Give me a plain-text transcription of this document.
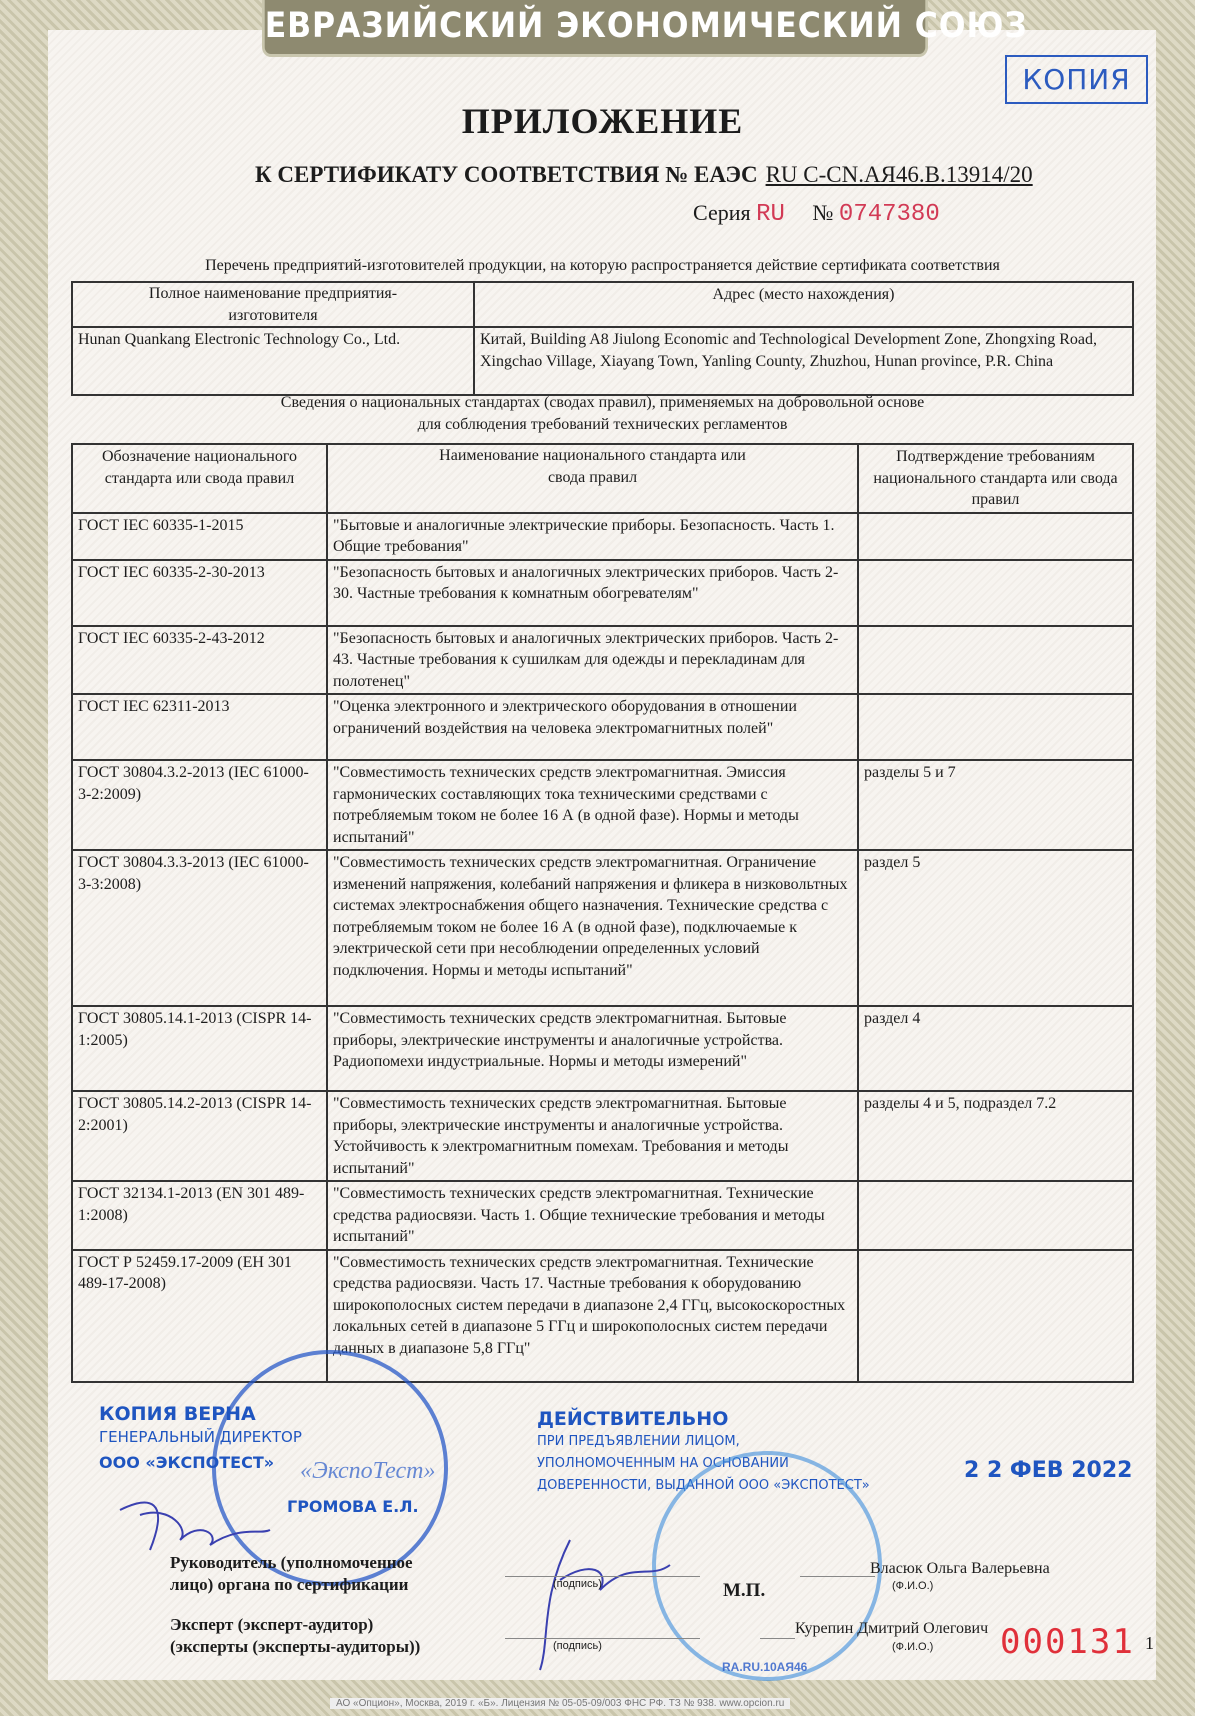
ЕВРАЗИЙСКИЙ ЭКОНОМИЧЕСКИЙ СОЮЗ
КОПИЯ
ПРИЛОЖЕНИЕ
К СЕРТИФИКАТУ СООТВЕТСТВИЯ № ЕАЭС RU С-CN.АЯ46.В.13914/20
Серия RU № 0747380
Перечень предприятий-изготовителей продукции, на которую распространяется действие сертификата соответствия
Полное наименование предприятия-изготовителя	Адрес (место нахождения)
Hunan Quankang Electronic Technology Co., Ltd.	Китай, Building A8 Jiulong Economic and Technological Development Zone, Zhongxing Road, Xingchao Village, Xiayang Town, Yanling County, Zhuzhou, Hunan province, P.R. China
Сведения о национальных стандартах (сводах правил), применяемых на добровольной основе
для соблюдения требований технических регламентов
Обозначение национального стандарта или свода правил	Наименование национального стандарта или свода правил	Подтверждение требованиям национального стандарта или свода правил
ГОСТ IEC 60335-1-2015	"Бытовые и аналогичные электрические приборы. Безопасность. Часть 1. Общие требования"	
ГОСТ IEC 60335-2-30-2013	"Безопасность бытовых и аналогичных электрических приборов. Часть 2-30. Частные требования к комнатным обогревателям"	
ГОСТ IEC 60335-2-43-2012	"Безопасность бытовых и аналогичных электрических приборов. Часть 2-43. Частные требования к сушилкам для одежды и перекладинам для полотенец"	
ГОСТ IEC 62311-2013	"Оценка электронного и электрического оборудования в отношении ограничений воздействия на человека электромагнитных полей"	
ГОСТ 30804.3.2-2013 (IEC 61000-3-2:2009)	"Совместимость технических средств электромагнитная. Эмиссия гармонических составляющих тока техническими средствами с потребляемым током не более 16 А (в одной фазе). Нормы и методы испытаний"	разделы 5 и 7
ГОСТ 30804.3.3-2013 (IEC 61000-3-3:2008)	"Совместимость технических средств электромагнитная. Ограничение изменений напряжения, колебаний напряжения и фликера в низковольтных системах электроснабжения общего назначения. Технические средства с потребляемым током не более 16 А (в одной фазе), подключаемые к электрической сети при несоблюдении определенных условий подключения. Нормы и методы испытаний"	раздел 5
ГОСТ 30805.14.1-2013 (CISPR 14-1:2005)	"Совместимость технических средств электромагнитная. Бытовые приборы, электрические инструменты и аналогичные устройства. Радиопомехи индустриальные. Нормы и методы измерений"	раздел 4
ГОСТ 30805.14.2-2013 (CISPR 14-2:2001)	"Совместимость технических средств электромагнитная. Бытовые приборы, электрические инструменты и аналогичные устройства. Устойчивость к электромагнитным помехам. Требования и методы испытаний"	разделы 4 и 5, подраздел 7.2
ГОСТ 32134.1-2013 (EN 301 489-1:2008)	"Совместимость технических средств электромагнитная. Технические средства радиосвязи. Часть 1. Общие технические требования и методы испытаний"	
ГОСТ Р 52459.17-2009 (ЕН 301 489-17-2008)	"Совместимость технических средств электромагнитная. Технические средства радиосвязи. Часть 17. Частные требования к оборудованию широкополосных систем передачи в диапазоне 2,4 ГГц, высокоскоростных локальных сетей в диапазоне 5 ГГц и широкополосных систем передачи данных в диапазоне 5,8 ГГц"	
«ЭкспоТест»
КОПИЯ ВЕРНА
ГЕНЕРАЛЬНЫЙ ДИРЕКТОР
ООО «ЭКСПОТЕСТ»
ГРОМОВА Е.Л.
ДЕЙСТВИТЕЛЬНО
ПРИ ПРЕДЪЯВЛЕНИИ ЛИЦОМ,
УПОЛНОМОЧЕННЫМ НА ОСНОВАНИИ
ДОВЕРЕННОСТИ, ВЫДАННОЙ ООО «ЭКСПОТЕСТ»
2 2 ФЕВ 2022
RA.RU.10АЯ46
М.П.
Руководитель (уполномоченное
лицо) органа по сертификации	(подпись)
Власюк Ольга Валерьевна
(Ф.И.О.)
Эксперт (эксперт-аудитор)
(эксперты (эксперты-аудиторы))	(подпись)
Курепин Дмитрий Олегович
(Ф.И.О.) 000131 1
АО «Опцион», Москва, 2019 г. «Б». Лицензия № 05-05-09/003 ФНС РФ. ТЗ № 938. www.opcion.ru
